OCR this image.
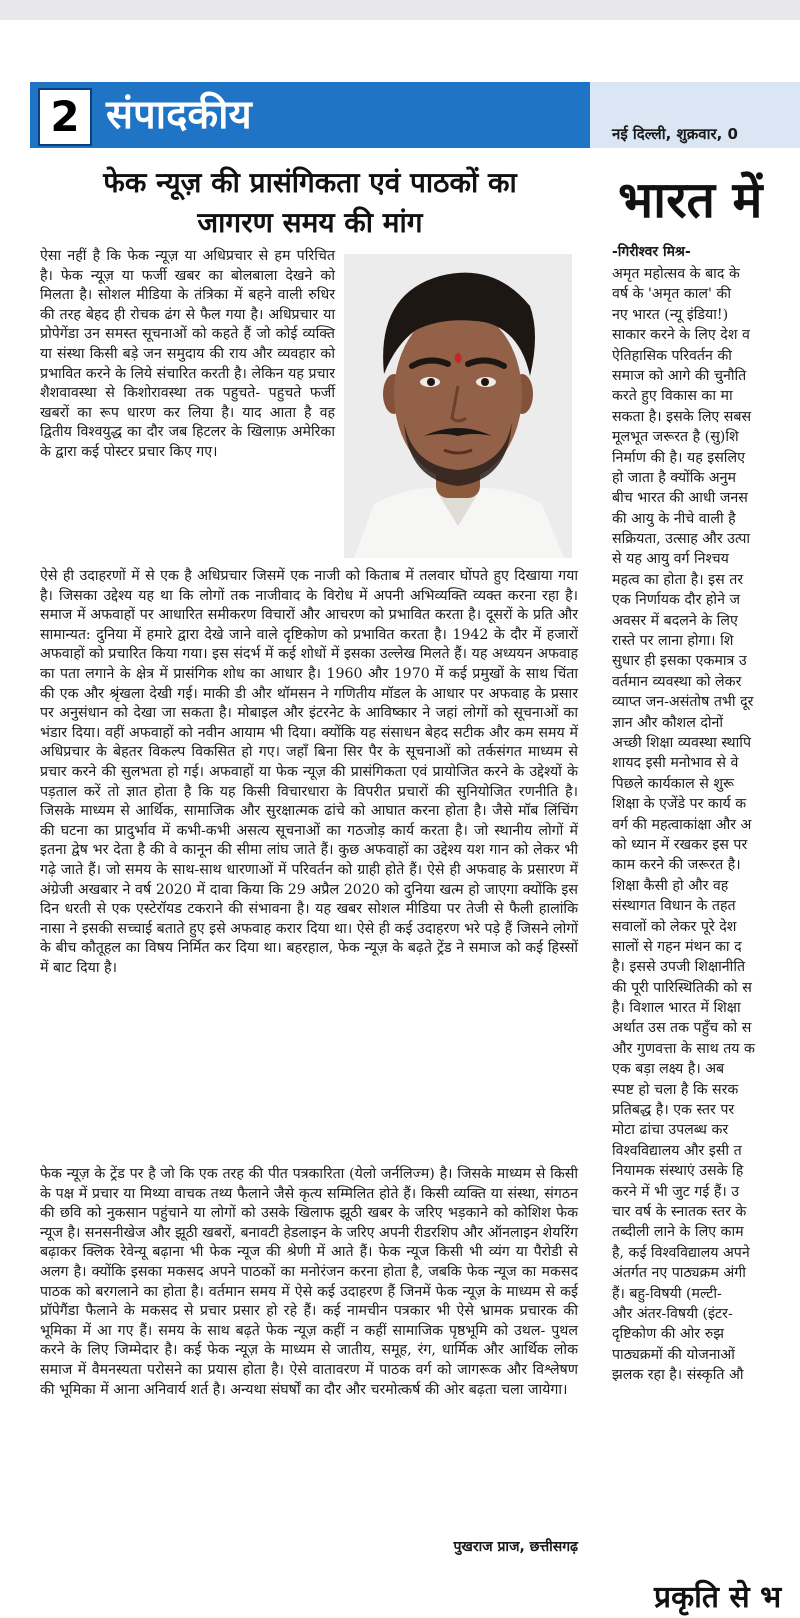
2 संपादकीय	नई दिल्ली, शुक्रवार, 0
फेक न्यूज़ की प्रासंगिकता एवं पाठकों का
जागरण समय की मांग

ऐसा नहीं है कि फेक न्यूज़ या अधिप्रचार से हम परिचित है। फेक न्यूज़ या फर्जी खबर का बोलबाला देखने को मिलता है। सोशल मीडिया के तंत्रिका में बहने वाली रुधिर की तरह बेहद ही रोचक ढंग से फैल गया है। अधिप्रचार या प्रोपेगेंडा उन समस्त सूचनाओं को कहते हैं जो कोई व्यक्ति या संस्था किसी बड़े जन समुदाय की राय और व्यवहार को प्रभावित करने के लिये संचारित करती है। लेकिन यह प्रचार शैशवावस्था से किशोरावस्था तक पहुचते- पहुचते फर्जी खबरों का रूप धारण कर लिया है। याद आता है वह द्वितीय विश्वयुद्ध का दौर जब हिटलर के खिलाफ़ अमेरिका के द्वारा कई पोस्टर प्रचार किए गए।

ऐसे ही उदाहरणों में से एक है अधिप्रचार जिसमें एक नाजी को किताब में तलवार घोंपते हुए दिखाया गया है। जिसका उद्देश्य यह था कि लोगों तक नाजीवाद के विरोध में अपनी अभिव्यक्ति व्यक्त करना रहा है। समाज में अफवाहों पर आधारित समीकरण विचारों और आचरण को प्रभावित करता है। दूसरों के प्रति और सामान्यत: दुनिया में हमारे द्वारा देखे जाने वाले दृष्टिकोण को प्रभावित करता है। 1942 के दौर में हजारों अफवाहों को प्रचारित किया गया। इस संदर्भ में कई शोधों में इसका उल्लेख मिलते हैं। यह अध्ययन अफवाह का पता लगाने के क्षेत्र में प्रासंगिक शोध का आधार है। 1960 और 1970 में कई प्रमुखों के साथ चिंता की एक और श्रृंखला देखी गई। माकी डी और थॉमसन ने गणितीय मॉडल के आधार पर अफवाह के प्रसार पर अनुसंधान को देखा जा सकता है। मोबाइल और इंटरनेट के आविष्कार ने जहां लोगों को सूचनाओं का भंडार दिया। वहीं अफवाहों को नवीन आयाम भी दिया। क्योंकि यह संसाधन बेहद सटीक और कम समय में अधिप्रचार के बेहतर विकल्प विकसित हो गए। जहाँ बिना सिर पैर के सूचनाओं को तर्कसंगत माध्यम से प्रचार करने की सुलभता हो गई। अफवाहों या फेक न्यूज़ की प्रासंगिकता एवं प्रायोजित करने के उद्देश्यों के पड़ताल करें तो ज्ञात होता है कि यह किसी विचारधारा के विपरीत प्रचारों की सुनियोजित रणनीति है। जिसके माध्यम से आर्थिक, सामाजिक और सुरक्षात्मक ढांचे को आघात करना होता है। जैसे मॉब लिंचिंग की घटना का प्रादुर्भाव में कभी-कभी असत्य सूचनाओं का गठजोड़ कार्य करता है। जो स्थानीय लोगों में इतना द्वेष भर देता है की वे कानून की सीमा लांघ जाते हैं। कुछ अफवाहों का उद्देश्य यश गान को लेकर भी गढ़े जाते हैं। जो समय के साथ-साथ धारणाओं में परिवर्तन को ग्राही होते हैं। ऐसे ही अफवाह के प्रसारण में अंग्रेजी अखबार ने वर्ष 2020 में दावा किया कि 29 अप्रैल 2020 को दुनिया खत्म हो जाएगा क्योंकि इस दिन धरती से एक एस्टेरॉयड टकराने की संभावना है। यह खबर सोशल मीडिया पर तेजी से फैली हालांकि नासा ने इसकी सच्चाई बताते हुए इसे अफवाह करार दिया था। ऐसे ही कई उदाहरण भरे पड़े हैं जिसने लोगों के बीच कौतूहल का विषय निर्मित कर दिया था। बहरहाल, फेक न्यूज़ के बढ़ते ट्रेंड ने समाज को कई हिस्सों में बाट दिया है।

फेक न्यूज़ के ट्रेंड पर है जो कि एक तरह की पीत पत्रकारिता (येलो जर्नलिज्म) है। जिसके माध्यम से किसी के पक्ष में प्रचार या मिथ्या वाचक तथ्य फैलाने जैसे कृत्य सम्मिलित होते हैं। किसी व्यक्ति या संस्था, संगठन की छवि को नुकसान पहुंचाने या लोगों को उसके खिलाफ झूठी खबर के जरिए भड़काने को कोशिश फेक न्यूज है। सनसनीखेज और झूठी खबरों, बनावटी हेडलाइन के जरिए अपनी रीडरशिप और ऑनलाइन शेयरिंग बढ़ाकर क्लिक रेवेन्यू बढ़ाना भी फेक न्यूज की श्रेणी में आते हैं। फेक न्यूज किसी भी व्यंग या पैरोडी से अलग है। क्योंकि इसका मकसद अपने पाठकों का मनोरंजन करना होता है, जबकि फेक न्यूज का मकसद पाठक को बरगलाने का होता है। वर्तमान समय में ऐसे कई उदाहरण हैं जिनमें फेक न्यूज़ के माध्यम से कई प्रॉपेगैंडा फैलाने के मकसद से प्रचार प्रसार हो रहे हैं। कई नामचीन पत्रकार भी ऐसे भ्रामक प्रचारक की भूमिका में आ गए हैं। समय के साथ बढ़ते फेक न्यूज़ कहीं न कहीं सामाजिक पृष्ठभूमि को उथल- पुथल करने के लिए जिम्मेदार है। कई फेक न्यूज़ के माध्यम से जातीय, समूह, रंग, धार्मिक और आर्थिक लोक समाज में वैमनस्यता परोसने का प्रयास होता है। ऐसे वातावरण में पाठक वर्ग को जागरूक और विश्लेषण की भूमिका में आना अनिवार्य शर्त है। अन्यथा संघर्षों का दौर और चरमोत्कर्ष की ओर बढ़ता चला जायेगा।

पुखराज प्राज, छत्तीसगढ़
भारत में
-गिरीश्वर मिश्र-
अमृत महोत्सव के बाद के
वर्ष के 'अमृत काल' की
नए भारत (न्यू इंडिया!)
साकार करने के लिए देश व
ऐतिहासिक परिवर्तन की
समाज को आगे की चुनौति
करते हुए विकास का मा
सकता है। इसके लिए सबस
मूलभूत जरूरत है (सु)शि
निर्माण की है। यह इसलिए
हो जाता है क्योंकि अनुम
बीच भारत की आधी जनस
की आयु के नीचे वाली है
सक्रियता, उत्साह और उत्पा
से यह आयु वर्ग निश्चय
महत्व का होता है। इस तर
एक निर्णायक दौर होने ज
अवसर में बदलने के लिए
रास्ते पर लाना होगा। शि
सुधार ही इसका एकमात्र उ
वर्तमान व्यवस्था को लेकर
व्याप्त जन-असंतोष तभी दूर
ज्ञान और कौशल दोनों
अच्छी शिक्षा व्यवस्था स्थापि
शायद इसी मनोभाव से वे
पिछले कार्यकाल से शुरू
शिक्षा के एजेंडे पर कार्य क
वर्ग की महत्वाकांक्षा और अ
को ध्यान में रखकर इस पर
काम करने की जरूरत है।
शिक्षा कैसी हो और वह
संस्थागत विधान के तहत
सवालों को लेकर पूरे देश
सालों से गहन मंथन का द
है। इससे उपजी शिक्षानीति
की पूरी पारिस्थितिकी को स
है। विशाल भारत में शिक्षा
अर्थात उस तक पहुँच को स
और गुणवत्ता के साथ तय क
एक बड़ा लक्ष्य है। अब
स्पष्ट हो चला है कि सरक
प्रतिबद्ध है। एक स्तर पर
मोटा ढांचा उपलब्ध कर
विश्वविद्यालय और इसी त
नियामक संस्थाएं उसके हि
करने में भी जुट गई हैं। उ
चार वर्ष के स्नातक स्तर के
तब्दीली लाने के लिए काम
है, कई विश्वविद्यालय अपने
अंतर्गत नए पाठ्यक्रम अंगी
हैं। बहु-विषयी (मल्टी-
और अंतर-विषयी (इंटर-
दृष्टिकोण की ओर रुझ
पाठ्यक्रमों की योजनाओं
झलक रहा है। संस्कृति औ
प्रकृति से भ
